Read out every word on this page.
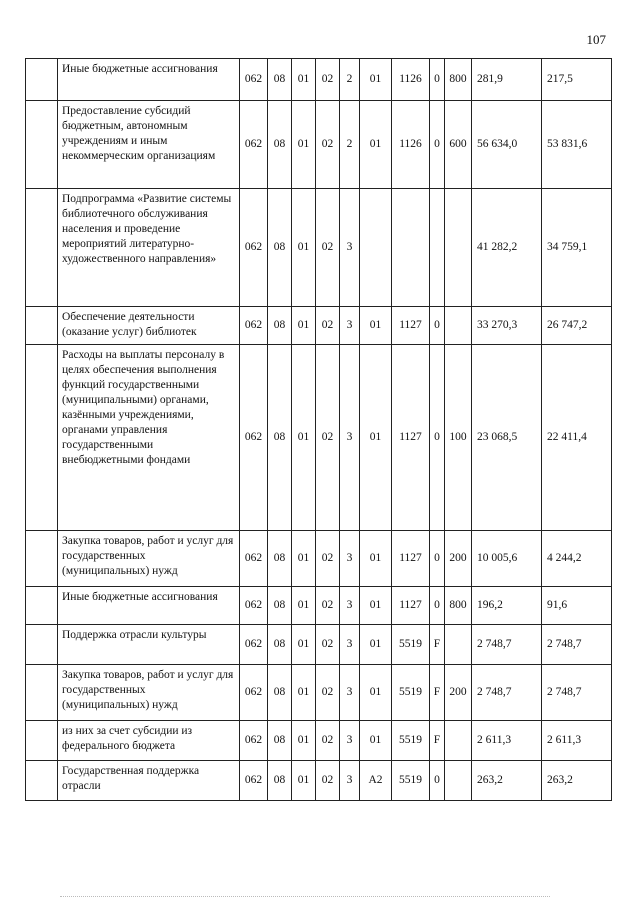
107
	Иные бюджетные ассигнования	062	08	01	02	2	01	1126	0	800	281,9	217,5
	Предоставление субсидий бюджетным, автономным учреждениям и иным некоммерческим организациям	062	08	01	02	2	01	1126	0	600	56 634,0	53 831,6
	Подпрограмма «Развитие системы библиотечного обслуживания населения и проведение мероприятий литературно-художественного направления»	062	08	01	02	3					41 282,2	34 759,1
	Обеспечение деятельности (оказание услуг) библиотек	062	08	01	02	3	01	1127	0		33 270,3	26 747,2
	Расходы на выплаты персоналу в целях обеспечения выполнения функций государственными (муниципальными) органами, казёнными учреждениями, органами управления государственными внебюджетными фондами	062	08	01	02	3	01	1127	0	100	23 068,5	22 411,4
	Закупка товаров, работ и услуг для государственных (муниципальных) нужд	062	08	01	02	3	01	1127	0	200	10 005,6	4 244,2
	Иные бюджетные ассигнования	062	08	01	02	3	01	1127	0	800	196,2	91,6
	Поддержка отрасли культуры	062	08	01	02	3	01	5519	F		2 748,7	2 748,7
	Закупка товаров, работ и услуг для государственных (муниципальных) нужд	062	08	01	02	3	01	5519	F	200	2 748,7	2 748,7
	из них за счет субсидии из федерального бюджета	062	08	01	02	3	01	5519	F		2 611,3	2 611,3
	Государственная поддержка отрасли	062	08	01	02	3	A2	5519	0		263,2	263,2
